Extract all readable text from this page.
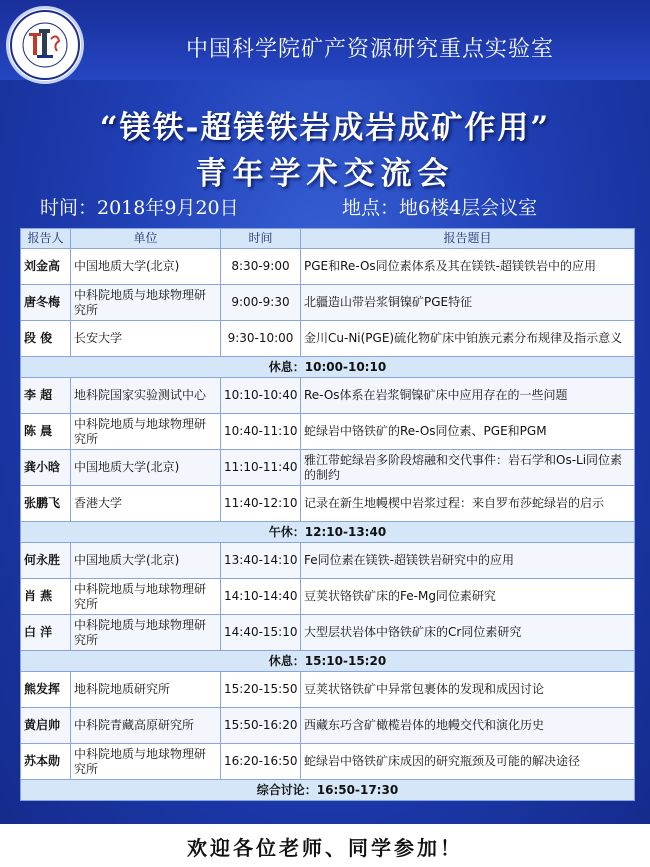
中国科学院矿产资源研究重点实验室
“镁铁-超镁铁岩成岩成矿作用”
青年学术交流会
时间：2018年9月20日	地点：地6楼4层会议室
报告人	单位	时间	报告题目
刘金高	中国地质大学(北京)	8:30-9:00	PGE和Re-Os同位素体系及其在镁铁-超镁铁岩中的应用
唐冬梅	中科院地质与地球物理研究所	9:00-9:30	北疆造山带岩浆铜镍矿PGE特征
段 俊	长安大学	9:30-10:00	金川Cu-Ni(PGE)硫化物矿床中铂族元素分布规律及指示意义
休息：10:00-10:10			
李 超	地科院国家实验测试中心	10:10-10:40	Re-Os体系在岩浆铜镍矿床中应用存在的一些问题
陈 晨	中科院地质与地球物理研究所	10:40-11:10	蛇绿岩中铬铁矿的Re-Os同位素、PGE和PGM
龚小晗	中国地质大学(北京)	11:10-11:40	雅江带蛇绿岩多阶段熔融和交代事件：岩石学和Os-Li同位素的制约
张鹏飞	香港大学	11:40-12:10	记录在新生地幔楔中岩浆过程：来自罗布莎蛇绿岩的启示
午休：12:10-13:40			
何永胜	中国地质大学(北京)	13:40-14:10	Fe同位素在镁铁-超镁铁岩研究中的应用
肖 燕	中科院地质与地球物理研究所	14:10-14:40	豆荚状铬铁矿床的Fe-Mg同位素研究
白 洋	中科院地质与地球物理研究所	14:40-15:10	大型层状岩体中铬铁矿床的Cr同位素研究
休息：15:10-15:20			
熊发挥	地科院地质研究所	15:20-15:50	豆荚状铬铁矿中异常包裹体的发现和成因讨论
黄启帅	中科院青藏高原研究所	15:50-16:20	西藏东巧含矿橄榄岩体的地幔交代和演化历史
苏本勋	中科院地质与地球物理研究所	16:20-16:50	蛇绿岩中铬铁矿床成因的研究瓶颈及可能的解决途径
综合讨论：16:50-17:30			
欢迎各位老师、同学参加！
